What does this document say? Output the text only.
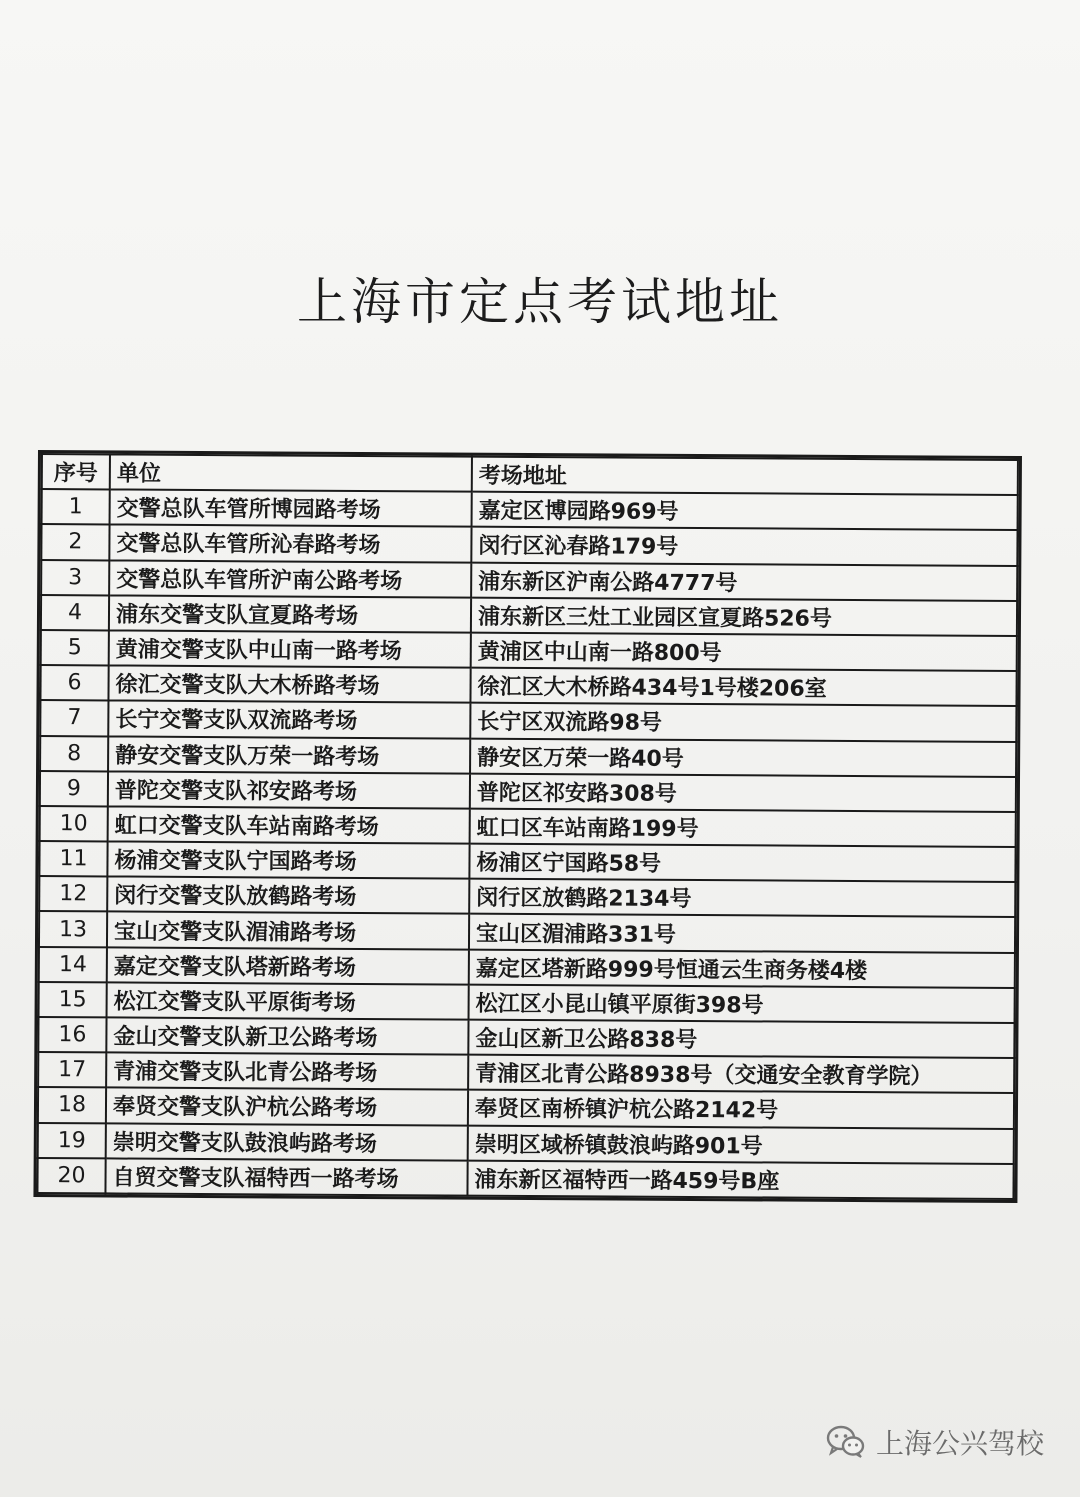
上海市定点考试地址
序号	单位	考场地址
1	交警总队车管所博园路考场	嘉定区博园路969号
2	交警总队车管所沁春路考场	闵行区沁春路179号
3	交警总队车管所沪南公路考场	浦东新区沪南公路4777号
4	浦东交警支队宣夏路考场	浦东新区三灶工业园区宣夏路526号
5	黄浦交警支队中山南一路考场	黄浦区中山南一路800号
6	徐汇交警支队大木桥路考场	徐汇区大木桥路434号1号楼206室
7	长宁交警支队双流路考场	长宁区双流路98号
8	静安交警支队万荣一路考场	静安区万荣一路40号
9	普陀交警支队祁安路考场	普陀区祁安路308号
10	虹口交警支队车站南路考场	虹口区车站南路199号
11	杨浦交警支队宁国路考场	杨浦区宁国路58号
12	闵行交警支队放鹤路考场	闵行区放鹤路2134号
13	宝山交警支队湄浦路考场	宝山区湄浦路331号
14	嘉定交警支队塔新路考场	嘉定区塔新路999号恒通云生商务楼4楼
15	松江交警支队平原街考场	松江区小昆山镇平原街398号
16	金山交警支队新卫公路考场	金山区新卫公路838号
17	青浦交警支队北青公路考场	青浦区北青公路8938号（交通安全教育学院）
18	奉贤交警支队沪杭公路考场	奉贤区南桥镇沪杭公路2142号
19	崇明交警支队鼓浪屿路考场	崇明区域桥镇鼓浪屿路901号
20	自贸交警支队福特西一路考场	浦东新区福特西一路459号B座
上海公兴驾校
